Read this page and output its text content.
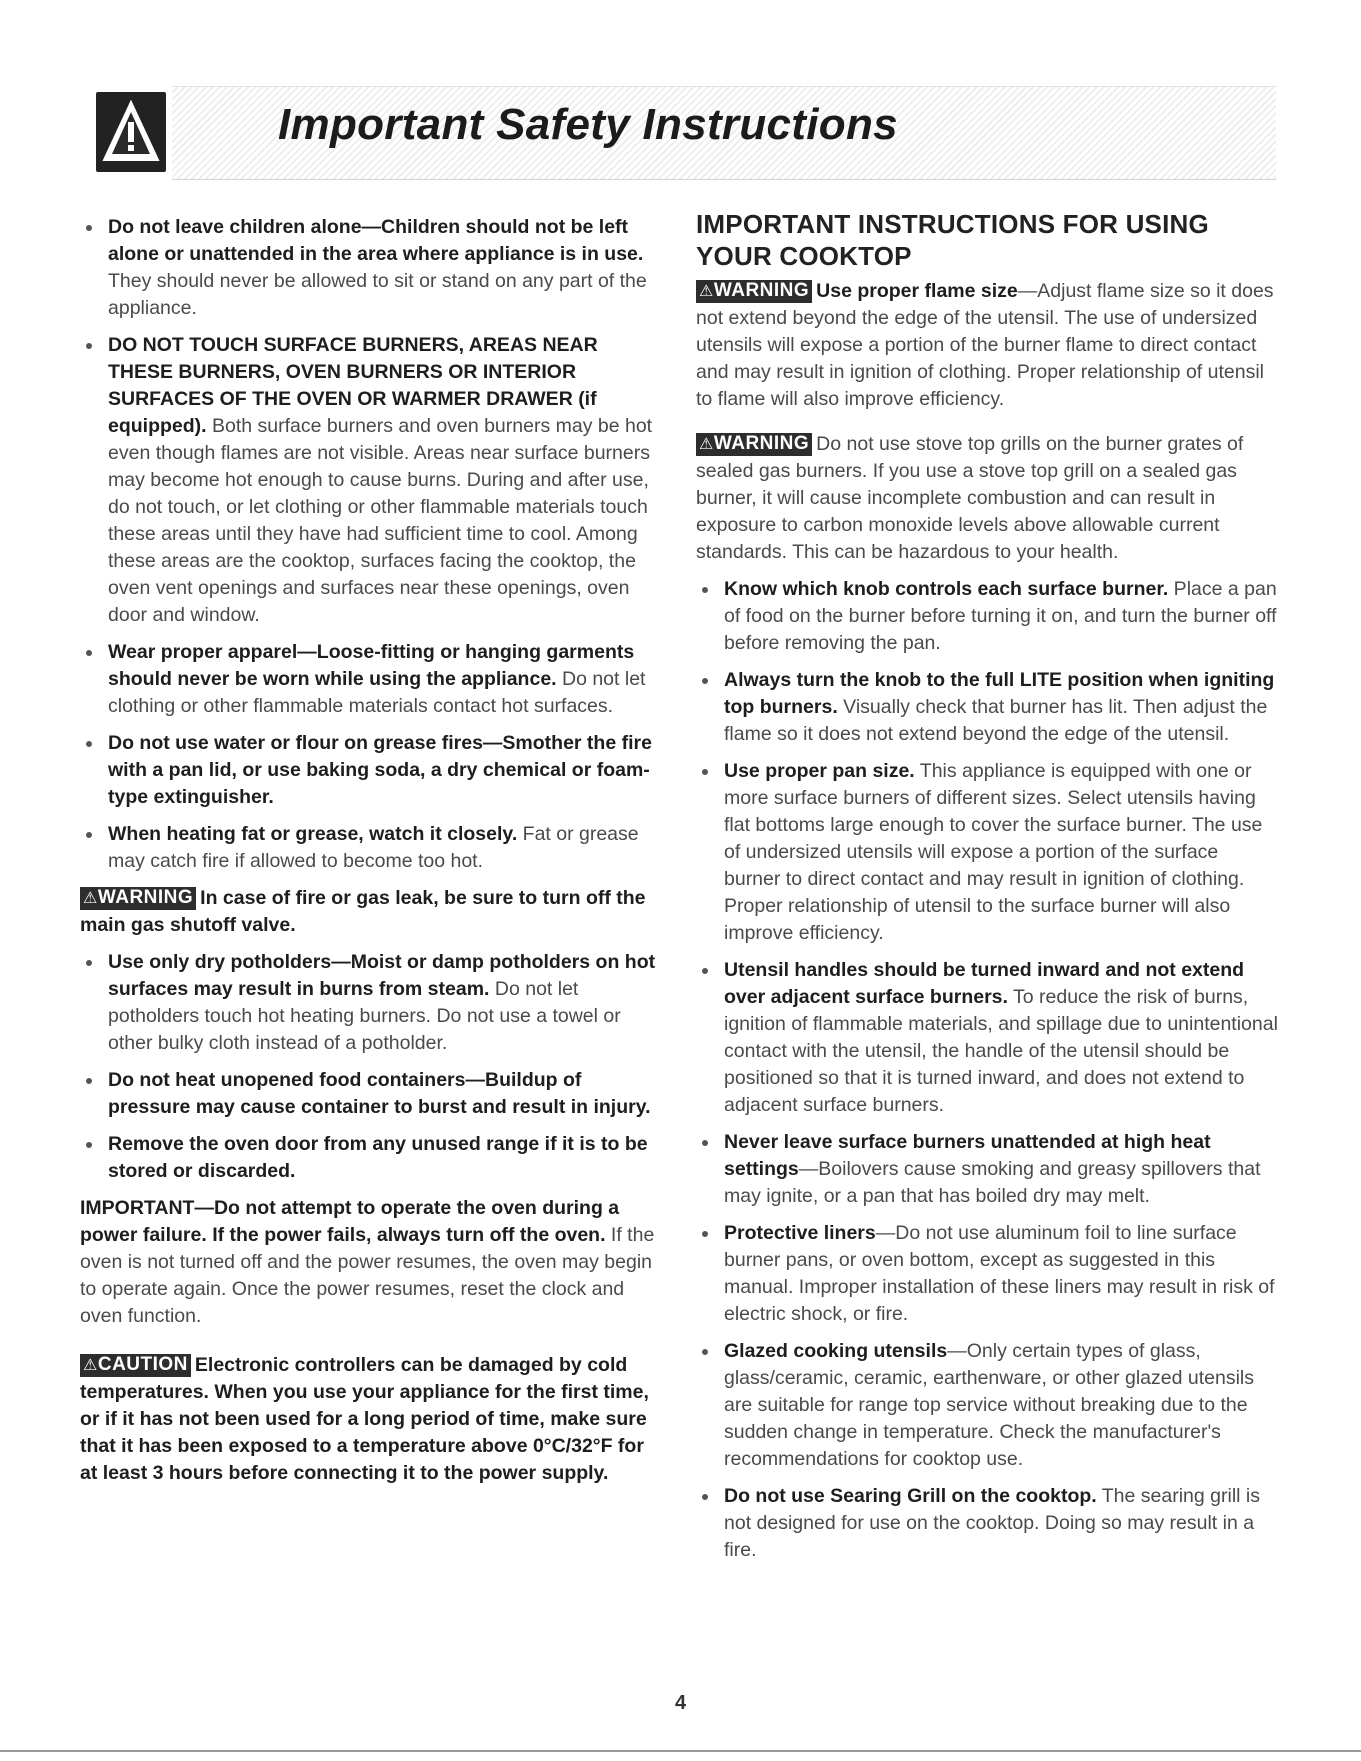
Important Safety Instructions
Do not leave children alone—Children should not be left alone or unattended in the area where appliance is in use. They should never be allowed to sit or stand on any part of the appliance.
DO NOT TOUCH SURFACE BURNERS, AREAS NEAR THESE BURNERS, OVEN BURNERS OR INTERIOR SURFACES OF THE OVEN OR WARMER DRAWER (if equipped). Both surface burners and oven burners may be hot even though flames are not visible. Areas near surface burners may become hot enough to cause burns. During and after use, do not touch, or let clothing or other flammable materials touch these areas until they have had sufficient time to cool. Among these areas are the cooktop, surfaces facing the cooktop, the oven vent openings and surfaces near these openings, oven door and window.
Wear proper apparel—Loose-fitting or hanging garments should never be worn while using the appliance. Do not let clothing or other flammable materials contact hot surfaces.
Do not use water or flour on grease fires—Smother the fire with a pan lid, or use baking soda, a dry chemical or foam-type extinguisher.
When heating fat or grease, watch it closely. Fat or grease may catch fire if allowed to become too hot.

⚠WARNING In case of fire or gas leak, be sure to turn off the main gas shutoff valve.

Use only dry potholders—Moist or damp potholders on hot surfaces may result in burns from steam. Do not let potholders touch hot heating burners. Do not use a towel or other bulky cloth instead of a potholder.
Do not heat unopened food containers—Buildup of pressure may cause container to burst and result in injury.
Remove the oven door from any unused range if it is to be stored or discarded.

IMPORTANT—Do not attempt to operate the oven during a power failure. If the power fails, always turn off the oven. If the oven is not turned off and the power resumes, the oven may begin to operate again. Once the power resumes, reset the clock and oven function.

⚠CAUTION Electronic controllers can be damaged by cold temperatures. When you use your appliance for the first time, or if it has not been used for a long period of time, make sure that it has been exposed to a temperature above 0°C/32°F for at least 3 hours before connecting it to the power supply.

IMPORTANT INSTRUCTIONS FOR USING YOUR COOKTOP

⚠WARNING Use proper flame size—Adjust flame size so it does not extend beyond the edge of the utensil. The use of undersized utensils will expose a portion of the burner flame to direct contact and may result in ignition of clothing. Proper relationship of utensil to flame will also improve efficiency.

⚠WARNING Do not use stove top grills on the burner grates of sealed gas burners. If you use a stove top grill on a sealed gas burner, it will cause incomplete combustion and can result in exposure to carbon monoxide levels above allowable current standards. This can be hazardous to your health.

Know which knob controls each surface burner. Place a pan of food on the burner before turning it on, and turn the burner off before removing the pan.
Always turn the knob to the full LITE position when igniting top burners. Visually check that burner has lit. Then adjust the flame so it does not extend beyond the edge of the utensil.
Use proper pan size. This appliance is equipped with one or more surface burners of different sizes. Select utensils having flat bottoms large enough to cover the surface burner. The use of undersized utensils will expose a portion of the surface burner to direct contact and may result in ignition of clothing. Proper relationship of utensil to the surface burner will also improve efficiency.
Utensil handles should be turned inward and not extend over adjacent surface burners. To reduce the risk of burns, ignition of flammable materials, and spillage due to unintentional contact with the utensil, the handle of the utensil should be positioned so that it is turned inward, and does not extend to adjacent surface burners.
Never leave surface burners unattended at high heat settings—Boilovers cause smoking and greasy spillovers that may ignite, or a pan that has boiled dry may melt.
Protective liners—Do not use aluminum foil to line surface burner pans, or oven bottom, except as suggested in this manual. Improper installation of these liners may result in risk of electric shock, or fire.
Glazed cooking utensils—Only certain types of glass, glass/ceramic, ceramic, earthenware, or other glazed utensils are suitable for range top service without breaking due to the sudden change in temperature. Check the manufacturer's recommendations for cooktop use.
Do not use Searing Grill on the cooktop. The searing grill is not designed for use on the cooktop. Doing so may result in a fire.
4
